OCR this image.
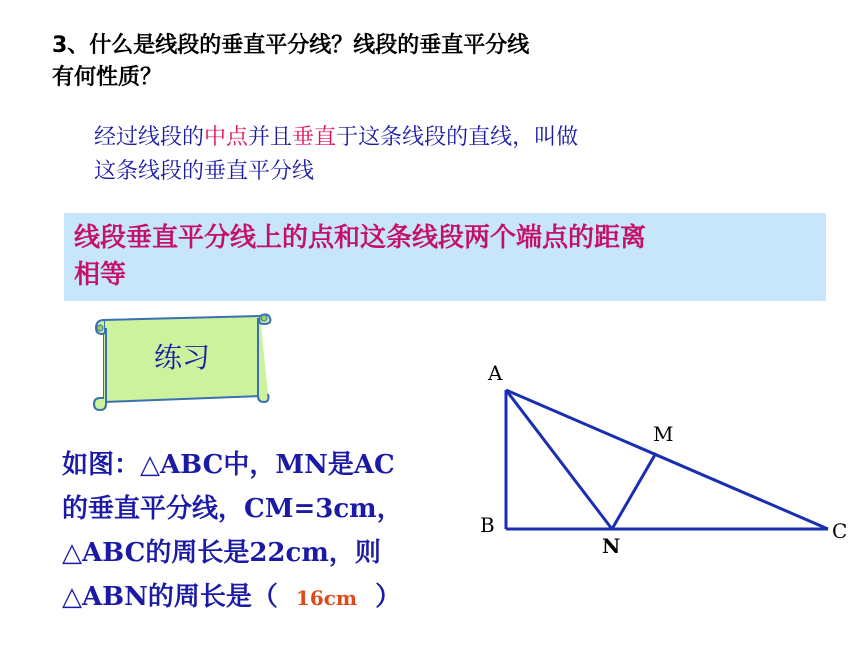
3、什么是线段的垂直平分线？线段的垂直平分线
有何性质？
经过线段的中点并且垂直于这条线段的直线，叫做
这条线段的垂直平分线
线段垂直平分线上的点和这条线段两个端点的距离
相等
练习
如图：△ABC中，MN是AC
的垂直平分线，CM=3cm，
△ABC的周长是22cm，则
△ABN的周长是（ 16cm ）
A
B	C
M
N
